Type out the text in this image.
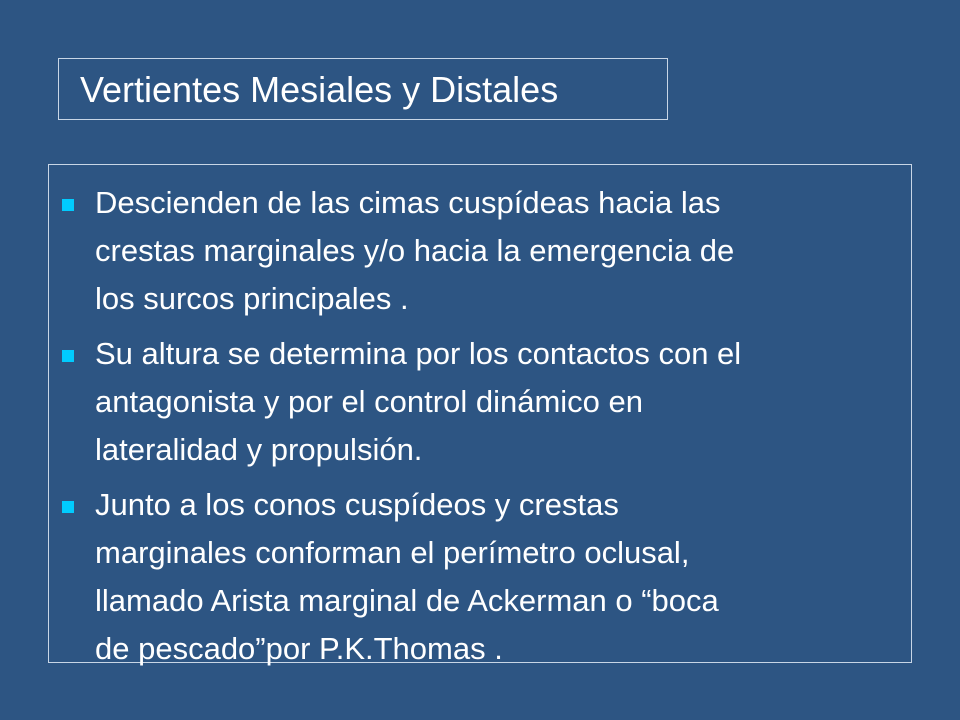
Vertientes Mesiales y Distales
Descienden de las cimas cuspídeas hacia las
crestas marginales y/o hacia la emergencia de
los surcos principales .
Su altura se determina por los contactos con el
antagonista y por el control dinámico en
lateralidad y propulsión.
Junto a los conos cuspídeos y crestas
marginales conforman el perímetro oclusal,
llamado Arista marginal de Ackerman o “boca
de pescado”por P.K.Thomas .
